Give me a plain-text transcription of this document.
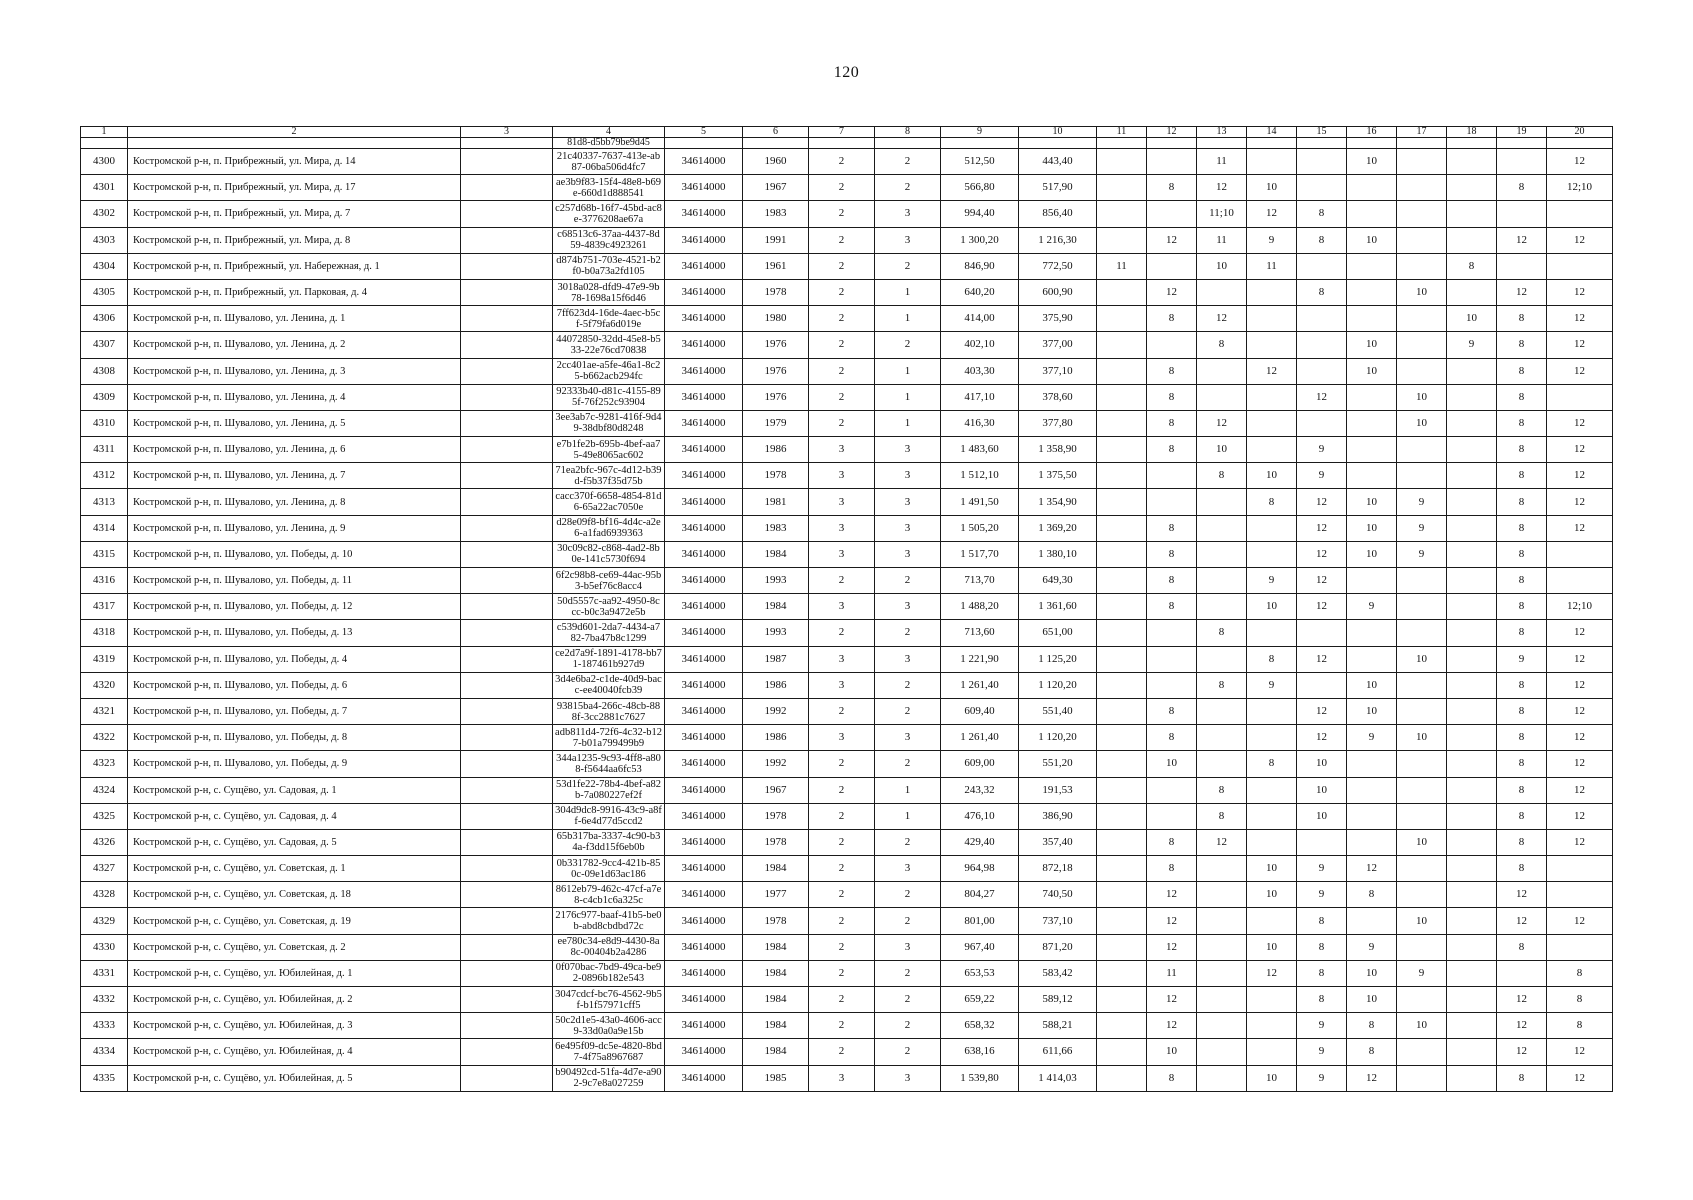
120
1	2	3	4	5	6	7	8	9	10	11	12	13	14	15	16	17	18	19	20
			81d8-d5bb79be9d45																
4300	Костромской р-н, п. Прибрежный, ул. Мира, д. 14		21c40337-7637-413e-ab87-06ba506d4fc7	34614000	1960	2	2	512,50	443,40			11			10				12
4301	Костромской р-н, п. Прибрежный, ул. Мира, д. 17		ae3b9f83-15f4-48e8-b69e-660d1d888541	34614000	1967	2	2	566,80	517,90		8	12	10					8	12;10
4302	Костромской р-н, п. Прибрежный, ул. Мира, д. 7		c257d68b-16f7-45bd-ac8e-3776208ae67a	34614000	1983	2	3	994,40	856,40			11;10	12	8					
4303	Костромской р-н, п. Прибрежный, ул. Мира, д. 8		c68513c6-37aa-4437-8d59-4839c4923261	34614000	1991	2	3	1 300,20	1 216,30		12	11	9	8	10			12	12
4304	Костромской р-н, п. Прибрежный, ул. Набережная, д. 1		d874b751-703e-4521-b2f0-b0a73a2fd105	34614000	1961	2	2	846,90	772,50	11		10	11				8		
4305	Костромской р-н, п. Прибрежный, ул. Парковая, д. 4		3018a028-dfd9-47e9-9b78-1698a15f6d46	34614000	1978	2	1	640,20	600,90		12			8		10		12	12
4306	Костромской р-н, п. Шувалово, ул. Ленина, д. 1		7ff623d4-16de-4aec-b5cf-5f79fa6d019e	34614000	1980	2	1	414,00	375,90		8	12					10	8	12
4307	Костромской р-н, п. Шувалово, ул. Ленина, д. 2		44072850-32dd-45e8-b533-22e76cd70838	34614000	1976	2	2	402,10	377,00			8			10		9	8	12
4308	Костромской р-н, п. Шувалово, ул. Ленина, д. 3		2cc401ae-a5fe-46a1-8c25-b662acb294fc	34614000	1976	2	1	403,30	377,10		8		12		10			8	12
4309	Костромской р-н, п. Шувалово, ул. Ленина, д. 4		92333b40-d81c-4155-895f-76f252c93904	34614000	1976	2	1	417,10	378,60		8			12		10		8	
4310	Костромской р-н, п. Шувалово, ул. Ленина, д. 5		3ee3ab7c-9281-416f-9d49-38dbf80d8248	34614000	1979	2	1	416,30	377,80		8	12				10		8	12
4311	Костромской р-н, п. Шувалово, ул. Ленина, д. 6		e7b1fe2b-695b-4bef-aa75-49e8065ac602	34614000	1986	3	3	1 483,60	1 358,90		8	10		9				8	12
4312	Костромской р-н, п. Шувалово, ул. Ленина, д. 7		71ea2bfc-967c-4d12-b39d-f5b37f35d75b	34614000	1978	3	3	1 512,10	1 375,50			8	10	9				8	12
4313	Костромской р-н, п. Шувалово, ул. Ленина, д. 8		cacc370f-6658-4854-81d6-65a22ac7050e	34614000	1981	3	3	1 491,50	1 354,90				8	12	10	9		8	12
4314	Костромской р-н, п. Шувалово, ул. Ленина, д. 9		d28e09f8-bf16-4d4c-a2e6-a1fad6939363	34614000	1983	3	3	1 505,20	1 369,20		8			12	10	9		8	12
4315	Костромской р-н, п. Шувалово, ул. Победы, д. 10		30c09c82-c868-4ad2-8b0e-141c5730f694	34614000	1984	3	3	1 517,70	1 380,10		8			12	10	9		8	
4316	Костромской р-н, п. Шувалово, ул. Победы, д. 11		6f2c98b8-ce69-44ac-95b3-b5ef76c8acc4	34614000	1993	2	2	713,70	649,30		8		9	12				8	
4317	Костромской р-н, п. Шувалово, ул. Победы, д. 12		50d5557c-aa92-4950-8ccc-b0c3a9472e5b	34614000	1984	3	3	1 488,20	1 361,60		8		10	12	9			8	12;10
4318	Костромской р-н, п. Шувалово, ул. Победы, д. 13		c539d601-2da7-4434-a782-7ba47b8c1299	34614000	1993	2	2	713,60	651,00			8						8	12
4319	Костромской р-н, п. Шувалово, ул. Победы, д. 4		ce2d7a9f-1891-4178-bb71-187461b927d9	34614000	1987	3	3	1 221,90	1 125,20				8	12		10		9	12
4320	Костромской р-н, п. Шувалово, ул. Победы, д. 6		3d4e6ba2-c1de-40d9-bacc-ee40040fcb39	34614000	1986	3	2	1 261,40	1 120,20			8	9		10			8	12
4321	Костромской р-н, п. Шувалово, ул. Победы, д. 7		93815ba4-266c-48cb-888f-3cc2881c7627	34614000	1992	2	2	609,40	551,40		8			12	10			8	12
4322	Костромской р-н, п. Шувалово, ул. Победы, д. 8		adb811d4-72f6-4c32-b127-b01a799499b9	34614000	1986	3	3	1 261,40	1 120,20		8			12	9	10		8	12
4323	Костромской р-н, п. Шувалово, ул. Победы, д. 9		344a1235-9c93-4ff8-a808-f5644aa6fc53	34614000	1992	2	2	609,00	551,20		10		8	10				8	12
4324	Костромской р-н, с. Сущёво, ул. Садовая, д. 1		53d1fe22-78b4-4bef-a82b-7a080227ef2f	34614000	1967	2	1	243,32	191,53			8		10				8	12
4325	Костромской р-н, с. Сущёво, ул. Садовая, д. 4		304d9dc8-9916-43c9-a8ff-6e4d77d5ccd2	34614000	1978	2	1	476,10	386,90			8		10				8	12
4326	Костромской р-н, с. Сущёво, ул. Садовая, д. 5		65b317ba-3337-4c90-b34a-f3dd15f6eb0b	34614000	1978	2	2	429,40	357,40		8	12				10		8	12
4327	Костромской р-н, с. Сущёво, ул. Советская, д. 1		0b331782-9cc4-421b-850c-09e1d63ac186	34614000	1984	2	3	964,98	872,18		8		10	9	12			8	
4328	Костромской р-н, с. Сущёво, ул. Советская, д. 18		8612eb79-462c-47cf-a7e8-c4cb1c6a325c	34614000	1977	2	2	804,27	740,50		12		10	9	8			12	
4329	Костромской р-н, с. Сущёво, ул. Советская, д. 19		2176c977-baaf-41b5-be0b-abd8cbdbd72c	34614000	1978	2	2	801,00	737,10		12			8		10		12	12
4330	Костромской р-н, с. Сущёво, ул. Советская, д. 2		ee780c34-e8d9-4430-8a8c-00404b2a4286	34614000	1984	2	3	967,40	871,20		12		10	8	9			8	
4331	Костромской р-н, с. Сущёво, ул. Юбилейная, д. 1		0f070bac-7bd9-49ca-be92-0896b182e543	34614000	1984	2	2	653,53	583,42		11		12	8	10	9			8
4332	Костромской р-н, с. Сущёво, ул. Юбилейная, д. 2		3047cdcf-bc76-4562-9b5f-b1f57971cff5	34614000	1984	2	2	659,22	589,12		12			8	10			12	8
4333	Костромской р-н, с. Сущёво, ул. Юбилейная, д. 3		50c2d1e5-43a0-4606-acc9-33d0a0a9e15b	34614000	1984	2	2	658,32	588,21		12			9	8	10		12	8
4334	Костромской р-н, с. Сущёво, ул. Юбилейная, д. 4		6e495f09-dc5e-4820-8bd7-4f75a8967687	34614000	1984	2	2	638,16	611,66		10			9	8			12	12
4335	Костромской р-н, с. Сущёво, ул. Юбилейная, д. 5		b90492cd-51fa-4d7e-a902-9c7e8a027259	34614000	1985	3	3	1 539,80	1 414,03		8		10	9	12			8	12
